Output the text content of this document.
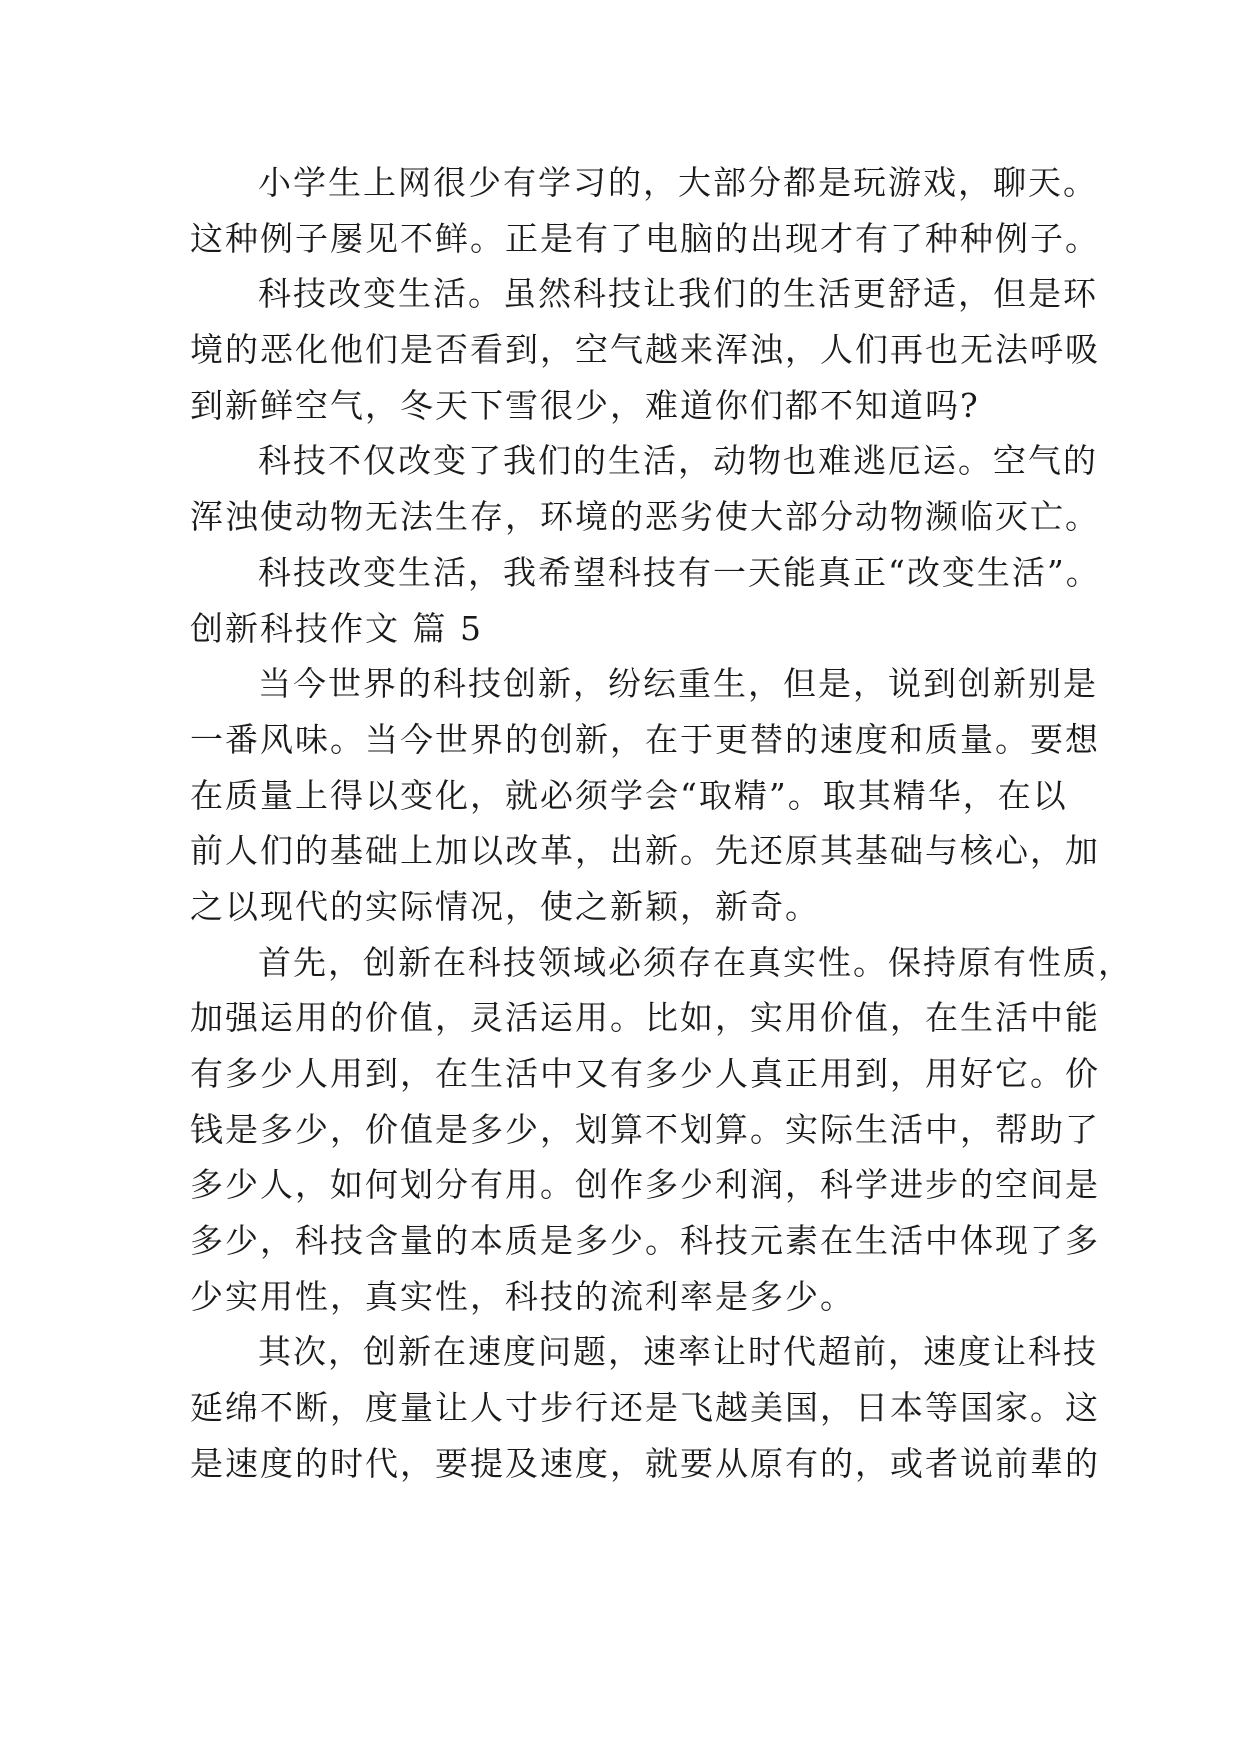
小学生上网很少有学习的，大部分都是玩游戏，聊天。
这种例子屡见不鲜。正是有了电脑的出现才有了种种例子。
科技改变生活。虽然科技让我们的生活更舒适，但是环
境的恶化他们是否看到，空气越来浑浊，人们再也无法呼吸
到新鲜空气，冬天下雪很少，难道你们都不知道吗?
科技不仅改变了我们的生活，动物也难逃厄运。空气的
浑浊使动物无法生存，环境的恶劣使大部分动物濒临灭亡。
科技改变生活，我希望科技有一天能真正“改变生活”。
创新科技作文 篇 5
当今世界的科技创新，纷纭重生，但是，说到创新别是
一番风味。当今世界的创新，在于更替的速度和质量。要想
在质量上得以变化，就必须学会“取精”。取其精华，在以
前人们的基础上加以改革，出新。先还原其基础与核心，加
之以现代的实际情况，使之新颖，新奇。
首先，创新在科技领域必须存在真实性。保持原有性质，
加强运用的价值，灵活运用。比如，实用价值，在生活中能
有多少人用到，在生活中又有多少人真正用到，用好它。价
钱是多少，价值是多少，划算不划算。实际生活中，帮助了
多少人，如何划分有用。创作多少利润，科学进步的空间是
多少，科技含量的本质是多少。科技元素在生活中体现了多
少实用性，真实性，科技的流利率是多少。
其次，创新在速度问题，速率让时代超前，速度让科技
延绵不断，度量让人寸步行还是飞越美国，日本等国家。这
是速度的时代，要提及速度，就要从原有的，或者说前辈的
